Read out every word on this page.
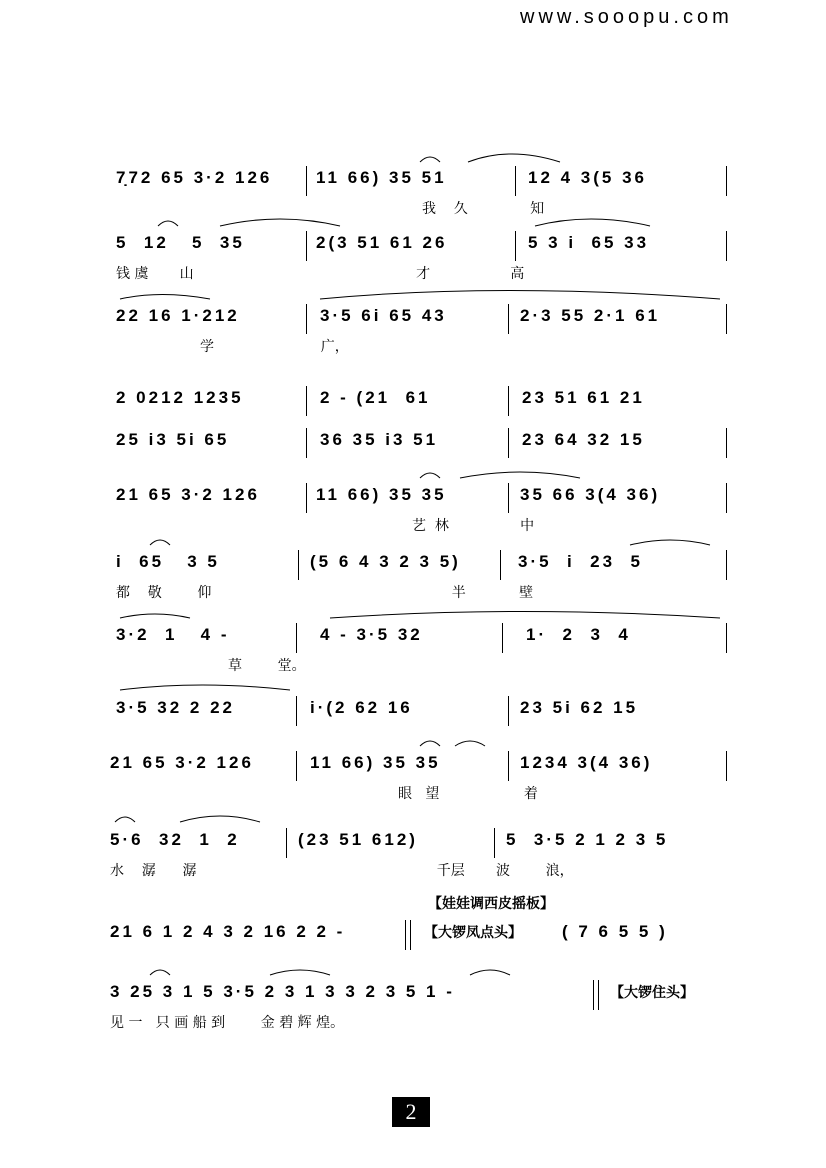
www.sooopu.com
7̣72 65 3·2 126	11 66) 35 51	12 4 3(5 36
我    久              知
5  12   5  35	2(3 51 61 26	5 3 i  65 33
钱 虞       山                                                  才                  高
22 16 1·212	3·5 6i 65 43	2·3 55 2·1 61
学                        广，
2 0212 1235	2 - (21  61	23 51 61 21
25 i3 5i 65	36 35 i3 51	23 64 32 15
21 65 3·2 126	11 66) 35 35	35 66 3(4 36)
艺  林                中
i  65   3 5	(5 6 4 3 2 3 5)	3·5  i  23  5
都    敬        仰                                                      半            壁
3·2  1   4 -	4 - 3·5 32	1·  2  3  4
草        堂。
3·5 32 2 22	i·(2 62 16	23 5i 62 15
21 65 3·2 126	11 66) 35 35	1234 3(4 36)
眼   望                   着
5·6  32  1  2	(23 51 612)	5  3·5 2 1 2 3 5
水    潺      潺                                                      千层       波        浪，
【娃娃调西皮摇板】
21 6 1 2 4 3 2 16 2 2 -	【大锣凤点头】 ( 7 6 5 5 )
3 25 3 1 5 3·5 2 3 1 3 3 2 3 5 1 -	【大锣住头】
见 一   只 画 船 到        金 碧 辉 煌。
2
